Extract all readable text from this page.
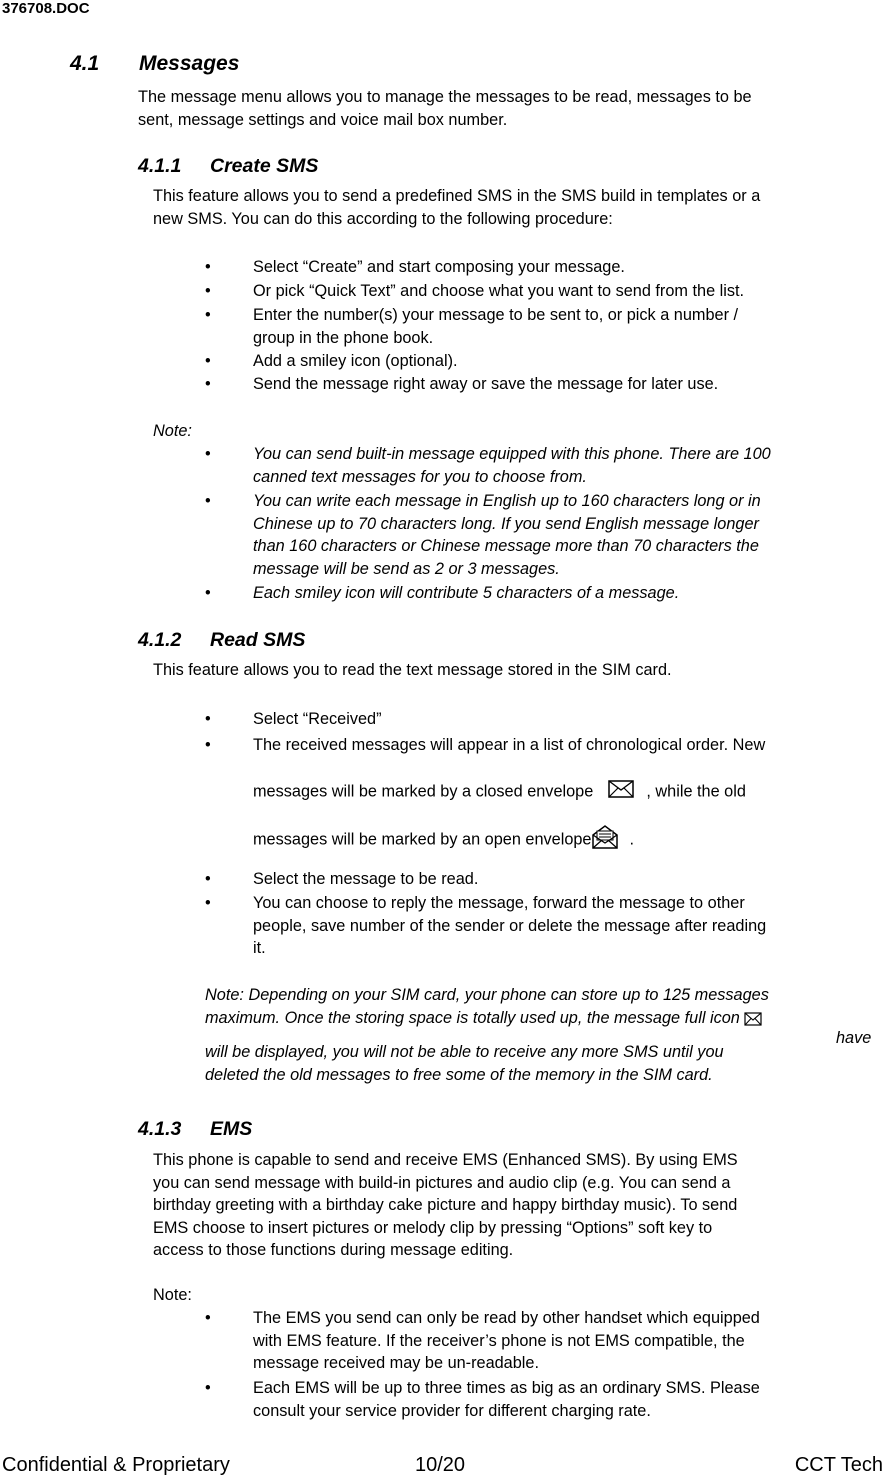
376708.DOC
4.1 Messages
The message menu allows you to manage the messages to be read, messages to be
sent, message settings and voice mail box number.
4.1.1 Create SMS
This feature allows you to send a predefined SMS in the SMS build in templates or a
new SMS. You can do this according to the following procedure:
•	Select “Create” and start composing your message.
•	Or pick “Quick Text” and choose what you want to send from the list.
•	Enter the number(s) your message to be sent to, or pick a number /
group in the phone book.
•	Add a smiley icon (optional).
•	Send the message right away or save the message for later use.
Note:
•	You can send built-in message equipped with this phone. There are 100
canned text messages for you to choose from.
•	You can write each message in English up to 160 characters long or in
Chinese up to 70 characters long. If you send English message longer
than 160 characters or Chinese message more than 70 characters the
message will be send as 2 or 3 messages.
•	Each smiley icon will contribute 5 characters of a message.
4.1.2 Read SMS
This feature allows you to read the text message stored in the SIM card.
•	Select “Received”
•	The received messages will appear in a list of chronological order. New
messages will be marked by a closed envelope	, while the old
messages will be marked by an open envelope .
•	Select the message to be read.
•	You can choose to reply the message, forward the message to other
people, save number of the sender or delete the message after reading
it.
Note: Depending on your SIM card, your phone can store up to 125 messages
maximum. Once the storing space is totally used up, the message full icon
will be displayed, you will not be able to receive any more SMS until you
have
deleted the old messages to free some of the memory in the SIM card.
4.1.3 EMS
This phone is capable to send and receive EMS (Enhanced SMS). By using EMS
you can send message with build-in pictures and audio clip (e.g. You can send a
birthday greeting with a birthday cake picture and happy birthday music). To send
EMS choose to insert pictures or melody clip by pressing “Options” soft key to
access to those functions during message editing.
Note:
•	The EMS you send can only be read by other handset which equipped
with EMS feature. If the receiver’s phone is not EMS compatible, the
message received may be un-readable.
•	Each EMS will be up to three times as big as an ordinary SMS. Please
consult your service provider for different charging rate.
Confidential & Proprietary	10/20	CCT Tech
